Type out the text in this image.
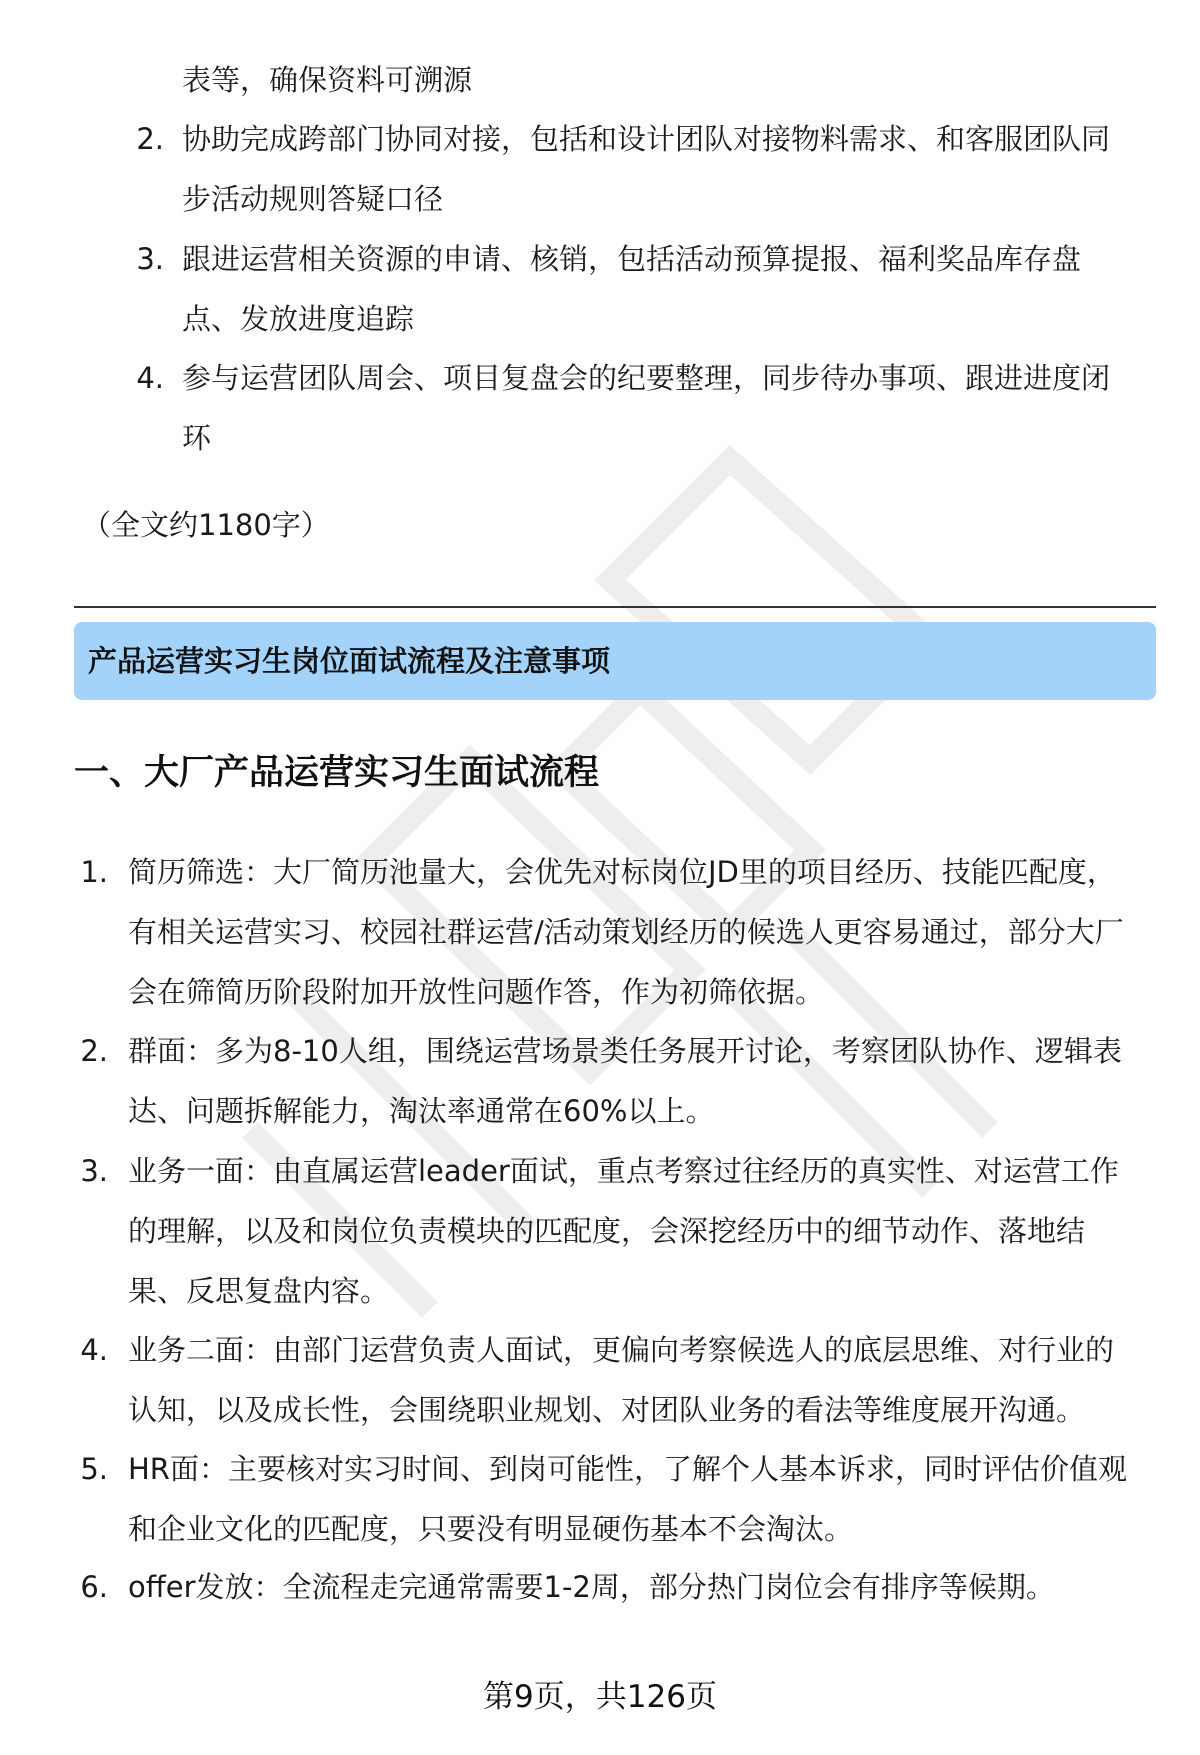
表等，确保资料可溯源
2. 协助完成跨部门协同对接，包括和设计团队对接物料需求、和客服团队同
步活动规则答疑口径
3. 跟进运营相关资源的申请、核销，包括活动预算提报、福利奖品库存盘
点、发放进度追踪
4. 参与运营团队周会、项目复盘会的纪要整理，同步待办事项、跟进进度闭
环
（全文约1180字）
产品运营实习生岗位面试流程及注意事项
一、大厂产品运营实习生面试流程
1. 简历筛选：大厂简历池量大，会优先对标岗位JD里的项目经历、技能匹配度，
有相关运营实习、校园社群运营/活动策划经历的候选人更容易通过，部分大厂
会在筛简历阶段附加开放性问题作答，作为初筛依据。
2. 群面：多为8-10人组，围绕运营场景类任务展开讨论，考察团队协作、逻辑表
达、问题拆解能力，淘汰率通常在60%以上。
3. 业务一面：由直属运营leader面试，重点考察过往经历的真实性、对运营工作
的理解，以及和岗位负责模块的匹配度，会深挖经历中的细节动作、落地结
果、反思复盘内容。
4. 业务二面：由部门运营负责人面试，更偏向考察候选人的底层思维、对行业的
认知，以及成长性，会围绕职业规划、对团队业务的看法等维度展开沟通。
5. HR面：主要核对实习时间、到岗可能性，了解个人基本诉求，同时评估价值观
和企业文化的匹配度，只要没有明显硬伤基本不会淘汰。
6. offer发放：全流程走完通常需要1-2周，部分热门岗位会有排序等候期。
第9页，共126页
